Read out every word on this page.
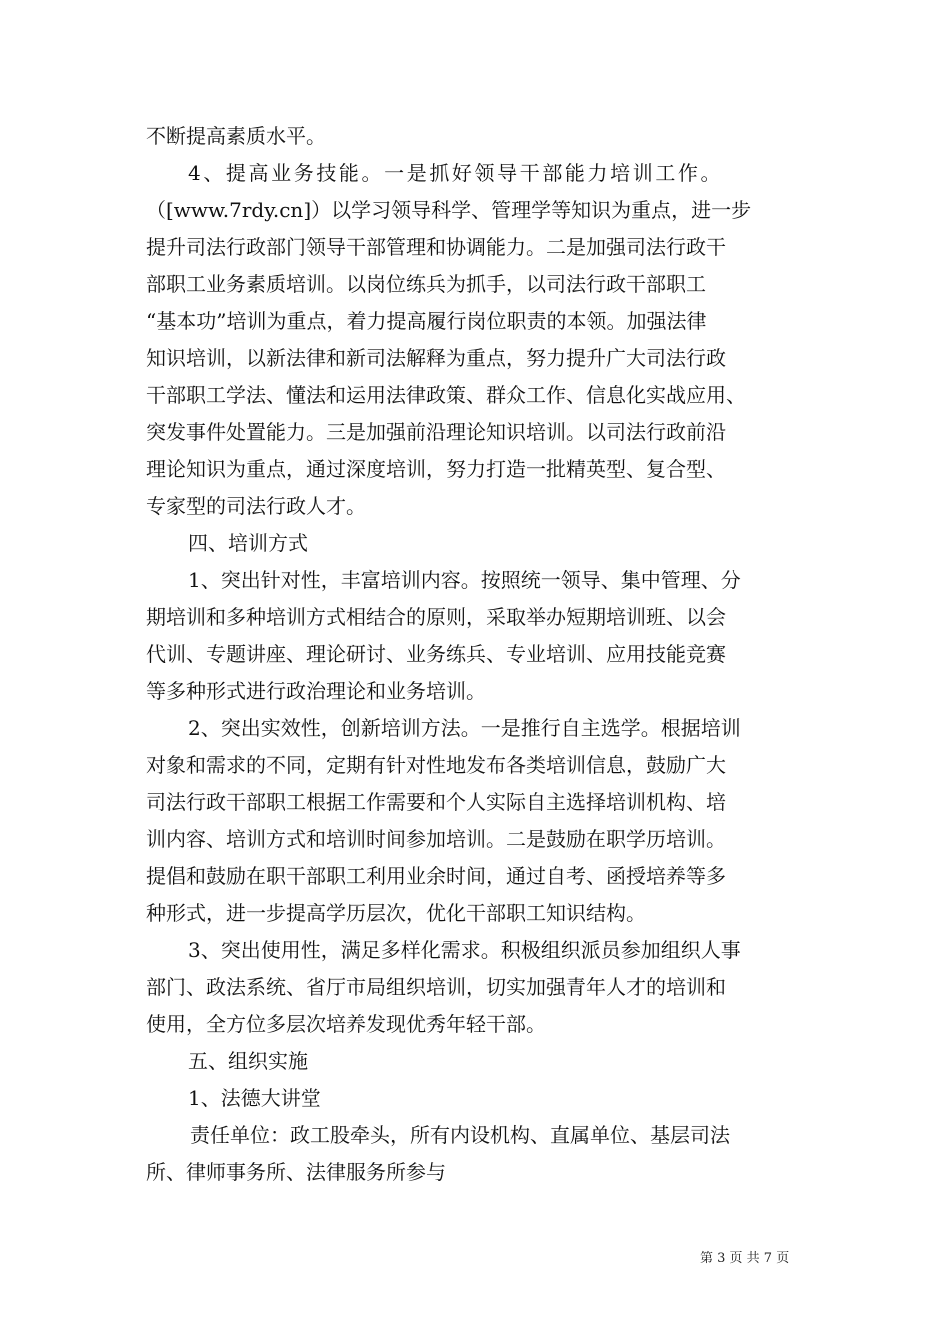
不断提高素质水平。
4、提高业务技能。一是抓好领导干部能力培训工作。
（[www.7rdy.cn]）以学习领导科学、管理学等知识为重点，进一步
提升司法行政部门领导干部管理和协调能力。二是加强司法行政干
部职工业务素质培训。以岗位练兵为抓手，以司法行政干部职工
“基本功”培训为重点，着力提高履行岗位职责的本领。加强法律
知识培训，以新法律和新司法解释为重点，努力提升广大司法行政
干部职工学法、懂法和运用法律政策、群众工作、信息化实战应用、
突发事件处置能力。三是加强前沿理论知识培训。以司法行政前沿
理论知识为重点，通过深度培训，努力打造一批精英型、复合型、
专家型的司法行政人才。
四、培训方式
1、突出针对性，丰富培训内容。按照统一领导、集中管理、分
期培训和多种培训方式相结合的原则，采取举办短期培训班、以会
代训、专题讲座、理论研讨、业务练兵、专业培训、应用技能竞赛
等多种形式进行政治理论和业务培训。
2、突出实效性，创新培训方法。一是推行自主选学。根据培训
对象和需求的不同，定期有针对性地发布各类培训信息，鼓励广大
司法行政干部职工根据工作需要和个人实际自主选择培训机构、培
训内容、培训方式和培训时间参加培训。二是鼓励在职学历培训。
提倡和鼓励在职干部职工利用业余时间，通过自考、函授培养等多
种形式，进一步提高学历层次，优化干部职工知识结构。
3、突出使用性，满足多样化需求。积极组织派员参加组织人事
部门、政法系统、省厅市局组织培训，切实加强青年人才的培训和
使用，全方位多层次培养发现优秀年轻干部。
五、组织实施
1、法德大讲堂
责任单位：政工股牵头，所有内设机构、直属单位、基层司法
所、律师事务所、法律服务所参与
第 3 页 共 7 页
